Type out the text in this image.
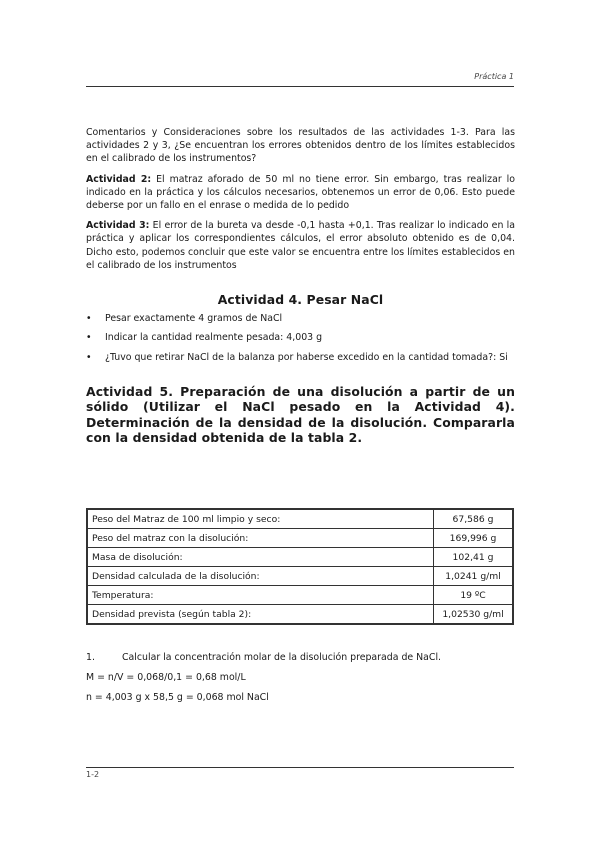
Práctica 1

Comentarios y Consideraciones sobre los resultados de las actividades 1-3. Para las actividades 2 y 3, ¿Se encuentran los errores obtenidos dentro de los límites establecidos en el calibrado de los instrumentos?

Actividad 2: El matraz aforado de 50 ml no tiene error. Sin embargo, tras realizar lo indicado en la práctica y los cálculos necesarios, obtenemos un error de 0,06. Esto puede deberse por un fallo en el enrase o medida de lo pedido

Actividad 3: El error de la bureta va desde -0,1 hasta +0,1. Tras realizar lo indicado en la práctica y aplicar los correspondientes cálculos, el error absoluto obtenido es de 0,04. Dicho esto, podemos concluir que este valor se encuentra entre los límites establecidos en el calibrado de los instrumentos

Actividad 4. Pesar NaCl
• Pesar exactamente 4 gramos de NaCl
• Indicar la cantidad realmente pesada: 4,003 g
• ¿Tuvo que retirar NaCl de la balanza por haberse excedido en la cantidad tomada?: Si
Actividad 5. Preparación de una disolución a partir de un sólido (Utilizar el NaCl pesado en la Actividad 4). Determinación de la densidad de la disolución. Compararla con la densidad obtenida de la tabla 2.
Peso del Matraz de 100 ml limpio y seco:	67,586 g
Peso del matraz con la disolución:	169,996 g
Masa de disolución:	102,41 g
Densidad calculada de la disolución:	1,0241 g/ml
Temperatura:	19 ºC
Densidad prevista (según tabla 2):	1,02530 g/ml

1.	Calcular la concentración molar de la disolución preparada de NaCl.

M = n/V = 0,068/0,1 = 0,68 mol/L

n = 4,003 g x 58,5 g = 0,068 mol NaCl

1-2
